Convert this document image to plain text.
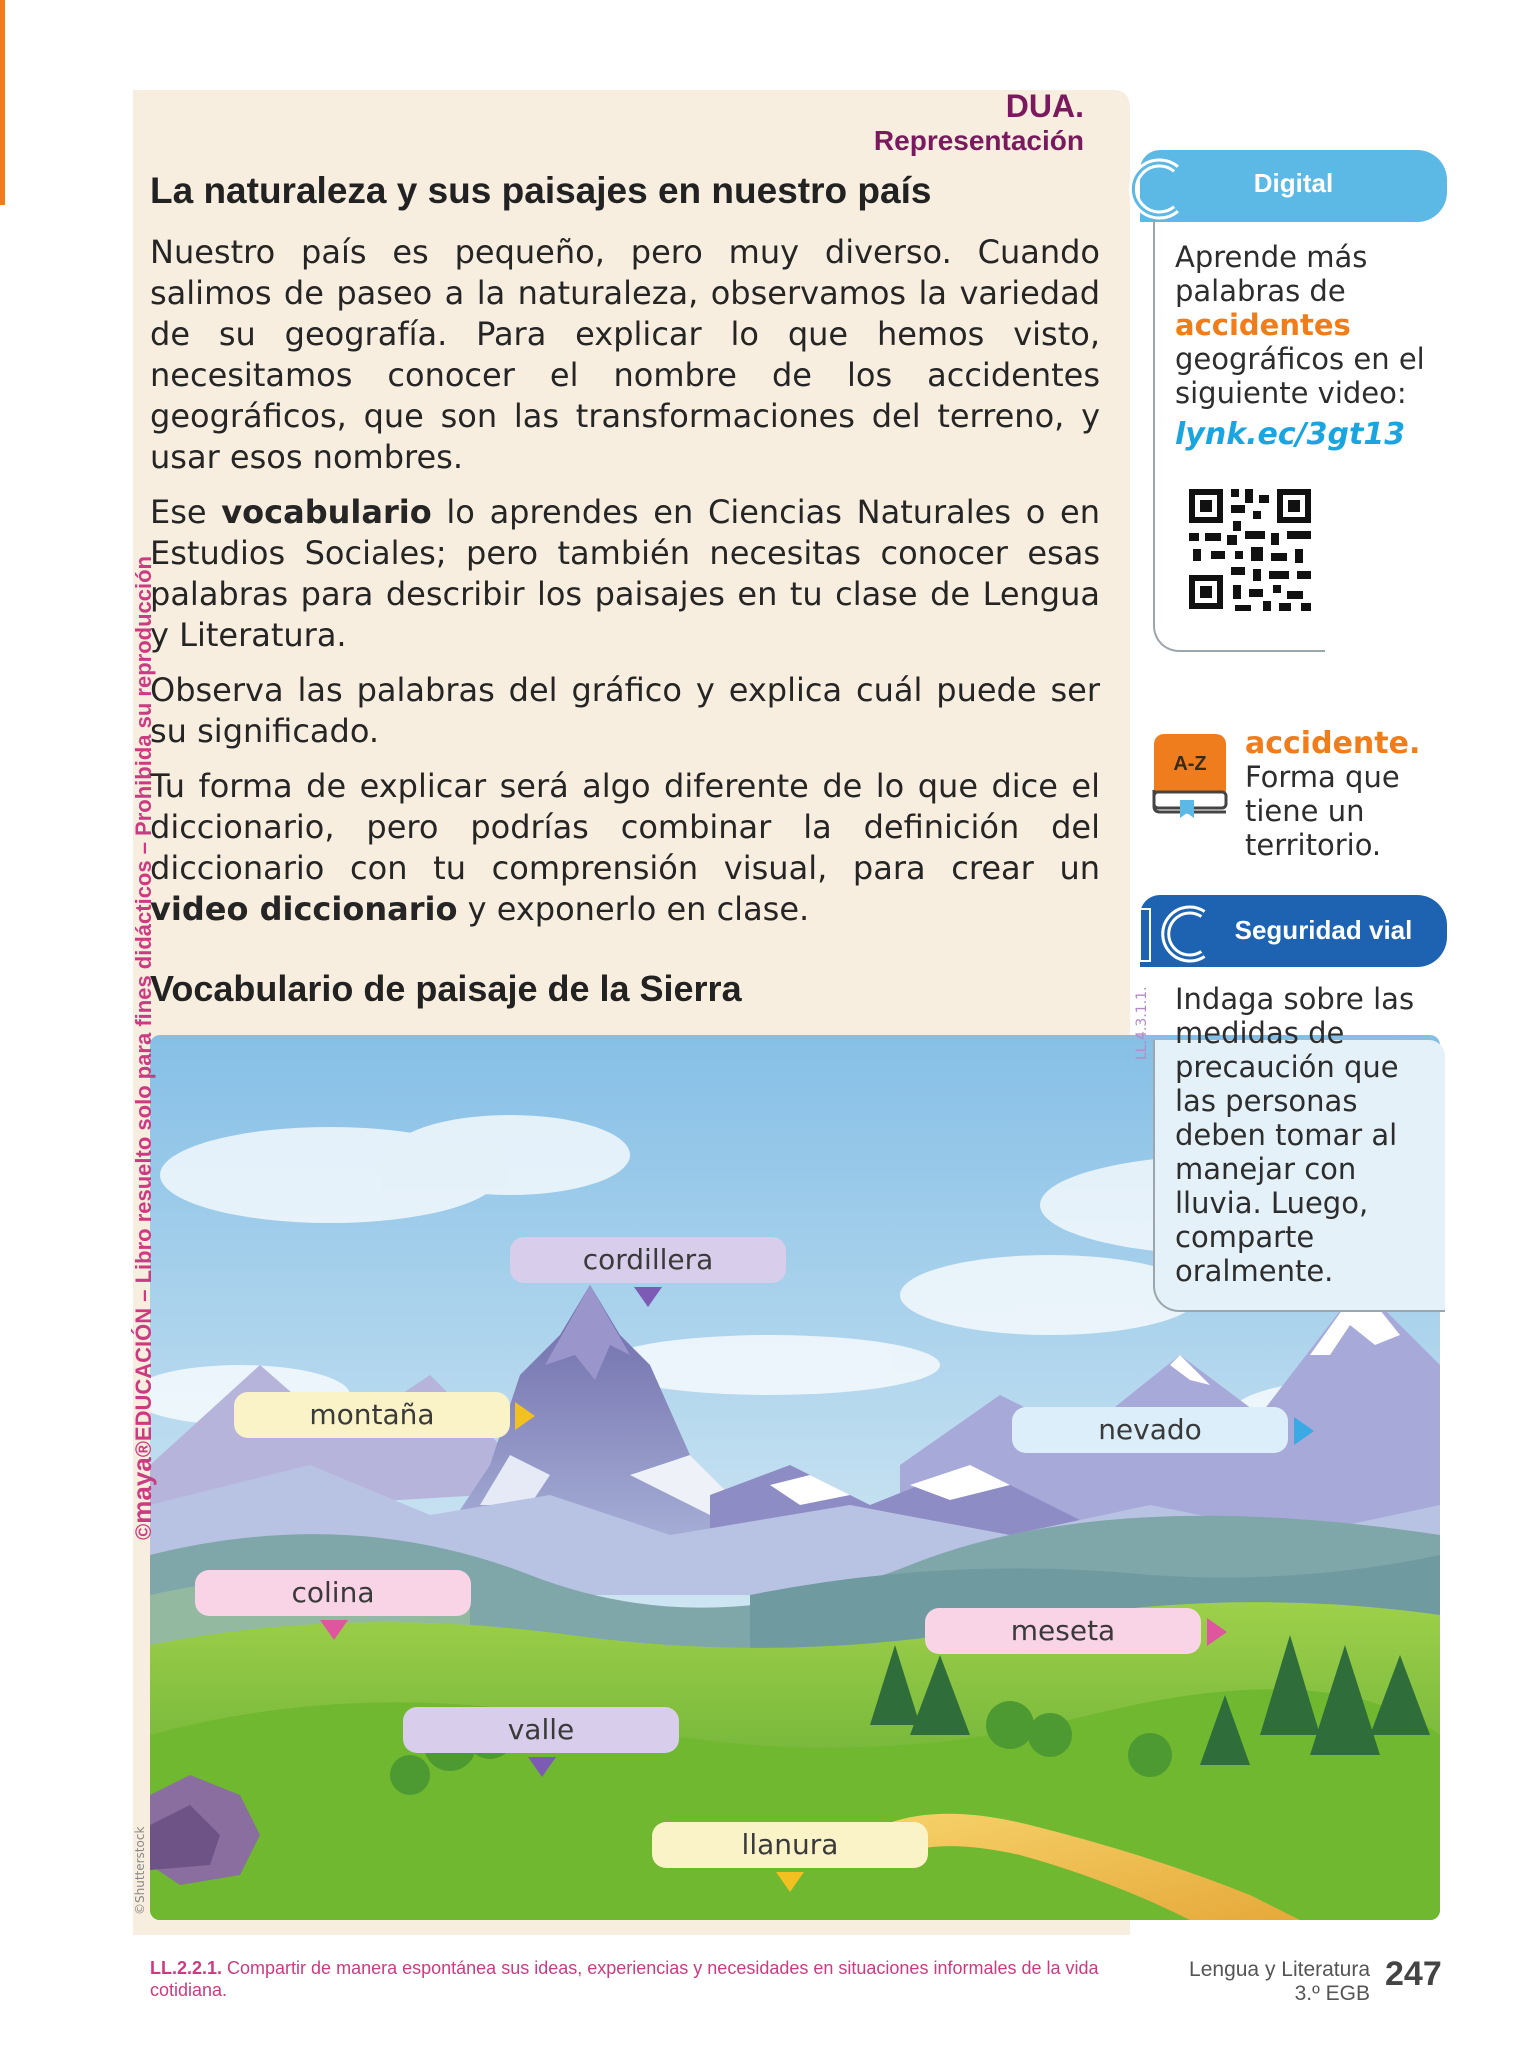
DUA.
Representación
La naturaleza y sus paisajes en nuestro país

Nuestro país es pequeño, pero muy diverso. Cuando salimos de paseo a la naturaleza, observamos la variedad de su geografía. Para explicar lo que hemos visto, necesitamos conocer el nombre de los accidentes geográficos, que son las transformaciones del terreno, y usar esos nombres.

Ese vocabulario lo aprendes en Ciencias Naturales o en Estudios Sociales; pero también necesitas conocer esas palabras para describir los paisajes en tu clase de Lengua y Literatura.

Observa las palabras del gráfico y explica cuál puede ser su significado.

Tu forma de explicar será algo diferente de lo que dice el diccionario, pero podrías combinar la definición del diccionario con tu comprensión visual, para crear un video diccionario y exponerlo en clase.

Vocabulario de paisaje de la Sierra
cordillera
montaña	nevado
colina
meseta
valle
llanura
Digital
Aprende más
palabras de
accidentes
geográficos en el
siguiente video:
lynk.ec/3gt13
A-Z
accidente.
Forma que tiene un territorio.
Seguridad vial
LL.4.3.1.1. Indaga sobre las medidas de precaución que las personas deben tomar al manejar con lluvia. Luego, comparte oralmente.
©maya®EDUCACIÓN – Libro resuelto solo para fines didácticos – Prohibida su reproducción
©Shutterstock
LL.2.2.1. Compartir de manera espontánea sus ideas, experiencias y necesidades en situaciones informales de la vida cotidiana.
Lengua y Literatura
3.º EGB
247
